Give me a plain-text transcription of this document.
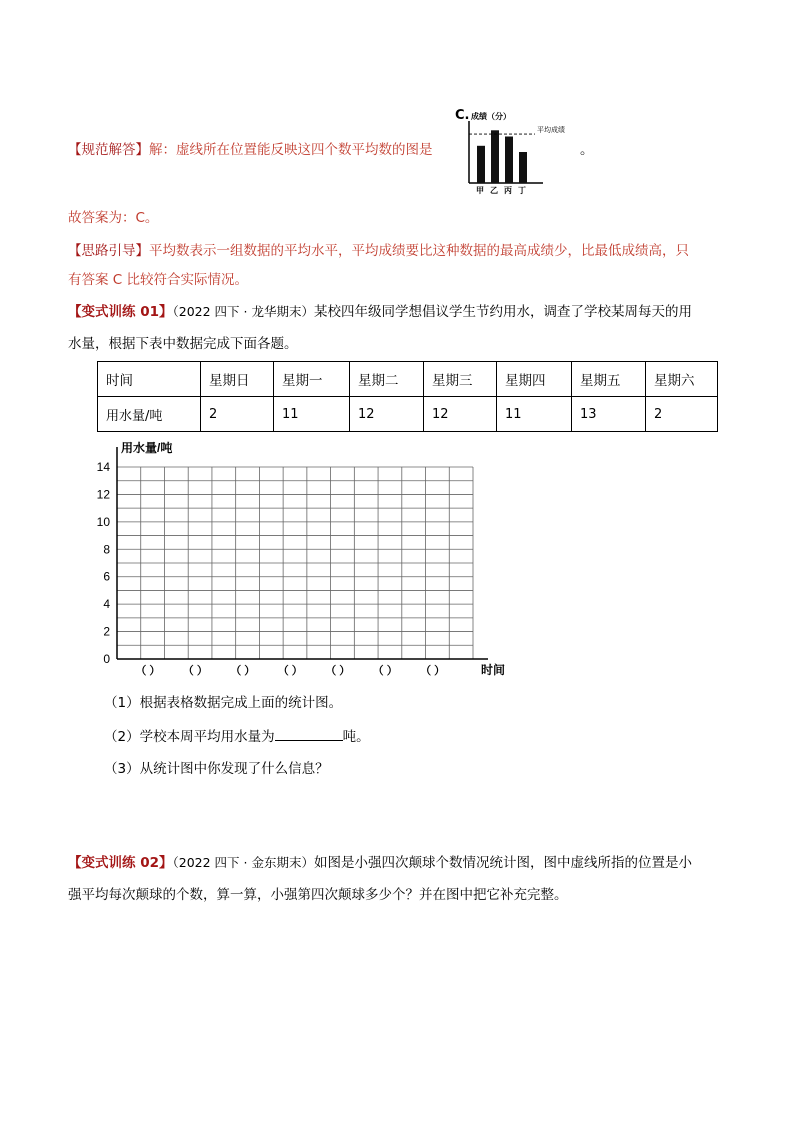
【规范解答】解：虚线所在位置能反映这四个数平均数的图是	。
C. 成绩（分）
平均成绩
甲 乙 丙 丁
故答案为：C。
【思路引导】平均数表示一组数据的平均水平，平均成绩要比这种数据的最高成绩少，比最低成绩高，只
有答案 C 比较符合实际情况。
【变式训练 01】（2022 四下 · 龙华期末）某校四年级同学想倡议学生节约用水，调查了学校某周每天的用
水量，根据下表中数据完成下面各题。
时间	星期日	星期一	星期二	星期三	星期四	星期五	星期六
用水量/吨	2	11	12	12	11	13	2
0
2
4
6
8
10
12
14
（ ） （ ） （ ） （ ） （ ） （ ） （ ）
用水量/吨
时间
（1）根据表格数据完成上面的统计图。
（2）学校本周平均用水量为	吨。
（3）从统计图中你发现了什么信息？
【变式训练 02】（2022 四下 · 金东期末）如图是小强四次颠球个数情况统计图，图中虚线所指的位置是小
强平均每次颠球的个数，算一算，小强第四次颠球多少个？并在图中把它补充完整。
